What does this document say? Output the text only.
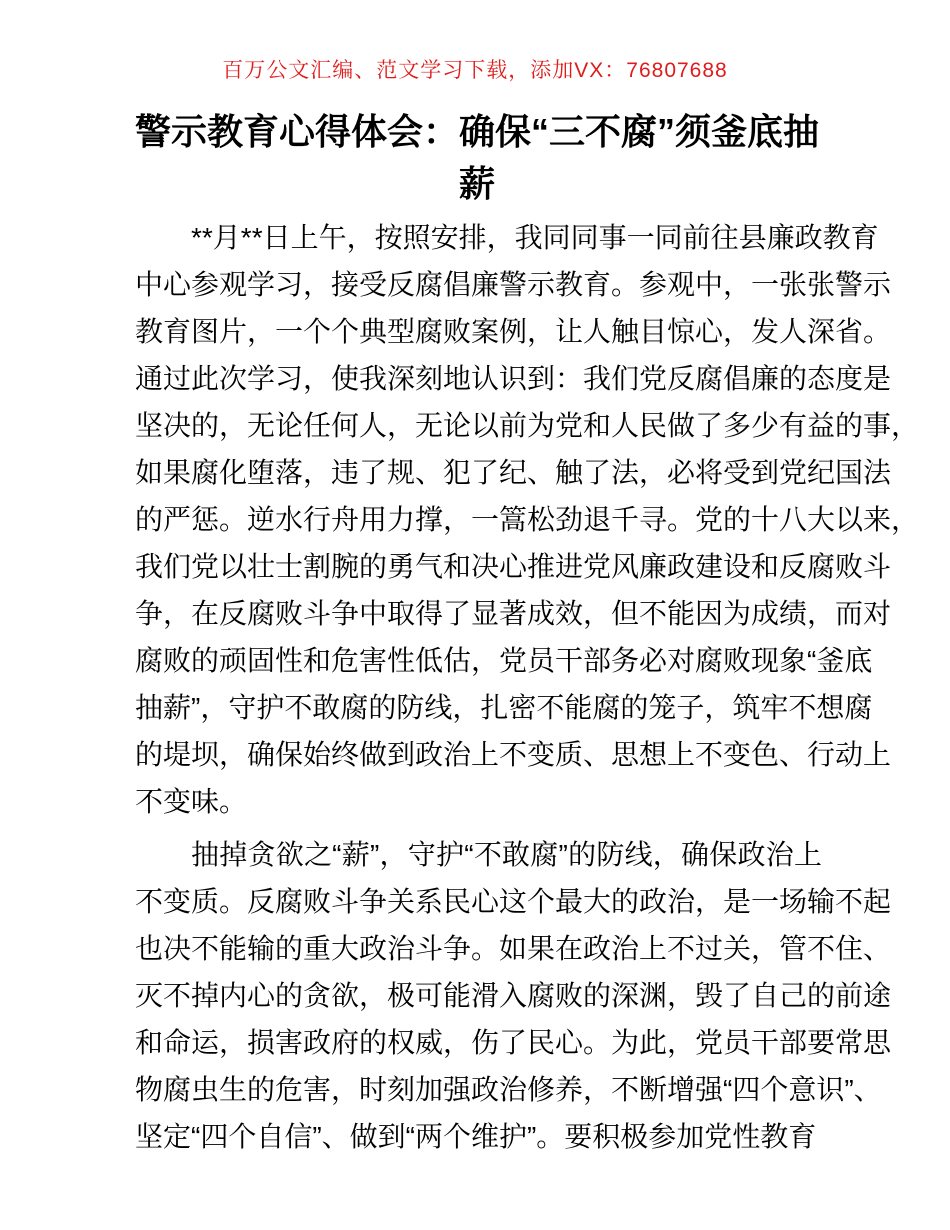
百万公文汇编、范文学习下载，添加VX：76807688
警示教育心得体会：确保“三不腐”须釜底抽薪
**月**日上午，按照安排，我同同事一同前往县廉政教育
中心参观学习，接受反腐倡廉警示教育。参观中，一张张警示
教育图片，一个个典型腐败案例，让人触目惊心，发人深省。
通过此次学习，使我深刻地认识到：我们党反腐倡廉的态度是
坚决的，无论任何人，无论以前为党和人民做了多少有益的事，
如果腐化堕落，违了规、犯了纪、触了法，必将受到党纪国法
的严惩。逆水行舟用力撑，一篙松劲退千寻。党的十八大以来，
我们党以壮士割腕的勇气和决心推进党风廉政建设和反腐败斗
争，在反腐败斗争中取得了显著成效，但不能因为成绩，而对
腐败的顽固性和危害性低估，党员干部务必对腐败现象“釜底
抽薪”，守护不敢腐的防线，扎密不能腐的笼子，筑牢不想腐
的堤坝，确保始终做到政治上不变质、思想上不变色、行动上
不变味。
抽掉贪欲之“薪”，守护“不敢腐”的防线，确保政治上
不变质。反腐败斗争关系民心这个最大的政治，是一场输不起
也决不能输的重大政治斗争。如果在政治上不过关，管不住、
灭不掉内心的贪欲，极可能滑入腐败的深渊，毁了自己的前途
和命运，损害政府的权威，伤了民心。为此，党员干部要常思
物腐虫生的危害，时刻加强政治修养，不断增强“四个意识”、
坚定“四个自信”、做到“两个维护”。要积极参加党性教育
